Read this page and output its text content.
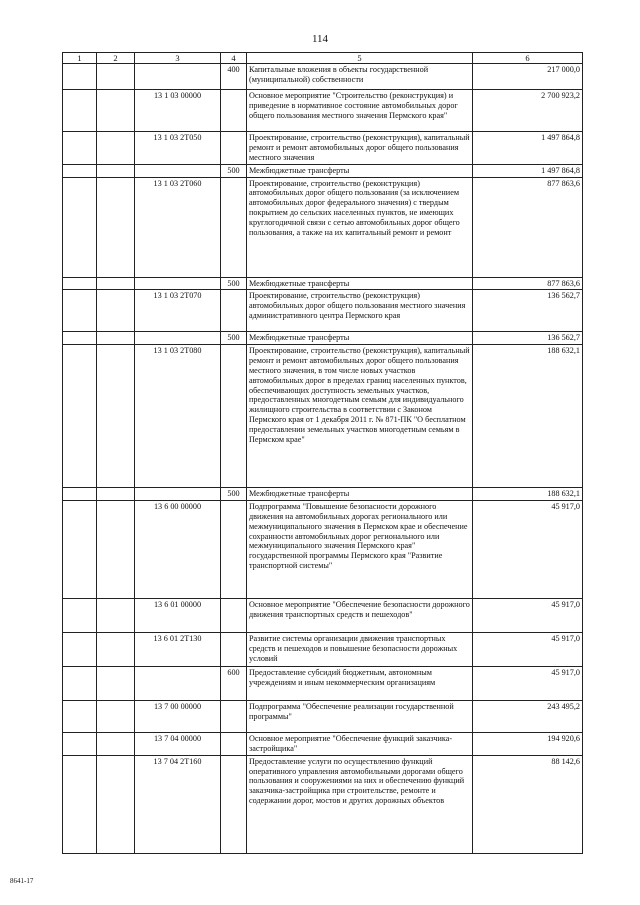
114
1	2	3	4	5	6
			400	Капитальные вложения в объекты государственной (муниципальной) собственности	217 000,0
		13 1 03 00000		Основное мероприятие "Строительство (реконструкция) и приведение в нормативное состояние автомобильных дорог общего пользования местного значения Пермского края"	2 700 923,2
		13 1 03 2Т050		Проектирование, строительство (реконструкция), капитальный ремонт и ремонт автомобильных дорог общего пользования местного значения	1 497 864,8
			500	Межбюджетные трансферты	1 497 864,8
		13 1 03 2Т060		Проектирование, строительство (реконструкция) автомобильных дорог общего пользования (за исключением автомобильных дорог федерального значения) с твердым покрытием до сельских населенных пунктов, не имеющих круглогодичной связи с сетью автомобильных дорог общего пользования, а также на их капитальный ремонт и ремонт	877 863,6
			500	Межбюджетные трансферты	877 863,6
		13 1 03 2Т070		Проектирование, строительство (реконструкция) автомобильных дорог общего пользования местного значения административного центра Пермского края	136 562,7
			500	Межбюджетные трансферты	136 562,7
		13 1 03 2Т080		Проектирование, строительство (реконструкция), капитальный ремонт и ремонт автомобильных дорог общего пользования местного значения, в том числе новых участков автомобильных дорог в пределах границ населенных пунктов, обеспечивающих доступность земельных участков, предоставленных многодетным семьям для индивидуального жилищного строительства в соответствии с Законом Пермского края от 1 декабря 2011 г. № 871-ПК "О бесплатном предоставлении земельных участков многодетным семьям в Пермском крае"	188 632,1
			500	Межбюджетные трансферты	188 632,1
		13 6 00 00000		Подпрограмма "Повышение безопасности дорожного движения на автомобильных дорогах регионального или межмуниципального значения в Пермском крае и обеспечение сохранности автомобильных дорог регионального или межмуниципального значения Пермского края" государственной программы Пермского края "Развитие транспортной системы"	45 917,0
		13 6 01 00000		Основное мероприятие "Обеспечение безопасности дорожного движения транспортных средств и пешеходов"	45 917,0
		13 6 01 2Т130		Развитие системы организации движения транспортных средств и пешеходов и повышение безопасности дорожных условий	45 917,0
			600	Предоставление субсидий бюджетным, автономным учреждениям и иным некоммерческим организациям	45 917,0
		13 7 00 00000		Подпрограмма "Обеспечение реализации государственной программы"	243 495,2
		13 7 04 00000		Основное мероприятие "Обеспечение функций заказчика-застройщика"	194 920,6
		13 7 04 2Т160		Предоставление услуги по осуществлению функций оперативного управления автомобильными дорогами общего пользования и сооружениями на них и обеспечению функций заказчика-застройщика при строительстве, ремонте и содержании дорог, мостов и других дорожных объектов	88 142,6
8641-17
